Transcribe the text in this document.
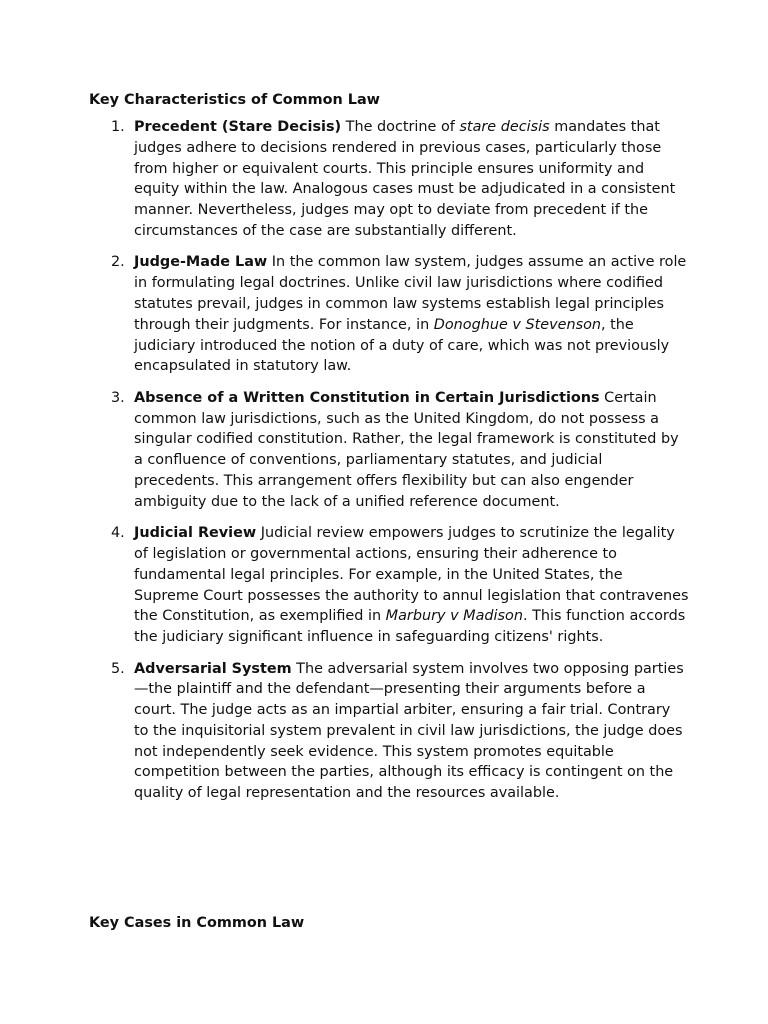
Key Characteristics of Common Law
1. Precedent (Stare Decisis) The doctrine of stare decisis mandates that judges adhere to decisions rendered in previous cases, particularly those from higher or equivalent courts. This principle ensures uniformity and equity within the law. Analogous cases must be adjudicated in a consistent manner. Nevertheless, judges may opt to deviate from precedent if the circumstances of the case are substantially different.
2. Judge-Made Law In the common law system, judges assume an active role in formulating legal doctrines. Unlike civil law jurisdictions where codified statutes prevail, judges in common law systems establish legal principles through their judgments. For instance, in Donoghue v Stevenson, the judiciary introduced the notion of a duty of care, which was not previously encapsulated in statutory law.
3. Absence of a Written Constitution in Certain Jurisdictions Certain common law jurisdictions, such as the United Kingdom, do not possess a singular codified constitution. Rather, the legal framework is constituted by a confluence of conventions, parliamentary statutes, and judicial precedents. This arrangement offers flexibility but can also engender ambiguity due to the lack of a unified reference document.
4. Judicial Review Judicial review empowers judges to scrutinize the legality of legislation or governmental actions, ensuring their adherence to fundamental legal principles. For example, in the United States, the Supreme Court possesses the authority to annul legislation that contravenes the Constitution, as exemplified in Marbury v Madison. This function accords the judiciary significant influence in safeguarding citizens' rights.
5. Adversarial System The adversarial system involves two opposing parties—the plaintiff and the defendant—presenting their arguments before a court. The judge acts as an impartial arbiter, ensuring a fair trial. Contrary to the inquisitorial system prevalent in civil law jurisdictions, the judge does not independently seek evidence. This system promotes equitable competition between the parties, although its efficacy is contingent on the quality of legal representation and the resources available.
Key Cases in Common Law
